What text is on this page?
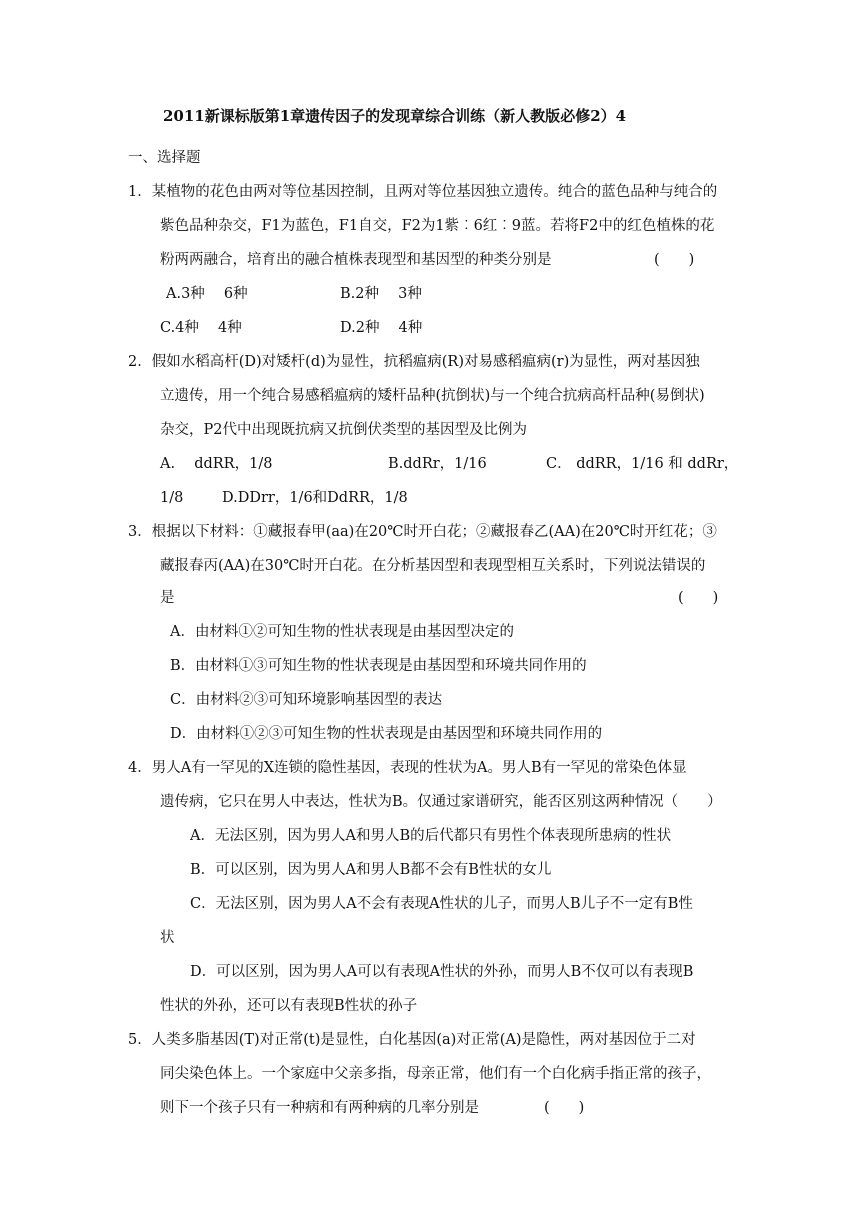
2011新课标版第1章遗传因子的发现章综合训练（新人教版必修2）4
一、选择题
1．某植物的花色由两对等位基因控制，且两对等位基因独立遗传。纯合的蓝色品种与纯合的
紫色品种杂交，F1为蓝色，F1自交，F2为1紫︰6红︰9蓝。若将F2中的红色植株的花
粉两两融合，培育出的融合植株表现型和基因型的种类分别是	(　　)
A.3种　 6种	B.2种　 3种
C.4种　 4种	D.2种　 4种
2．假如水稻高杆(D)对矮杆(d)为显性，抗稻瘟病(R)对易感稻瘟病(r)为显性，两对基因独
立遗传，用一个纯合易感稻瘟病的矮杆品种(抗倒状)与一个纯合抗病高杆品种(易倒状)
杂交，P2代中出现既抗病又抗倒伏类型的基因型及比例为
A.　 ddRR，1/8	B.ddRr，1/16	C． ddRR，1/16 和 ddRr，
1/8	D.DDrr，1/6和DdRR，1/8
3．根据以下材料：①藏报春甲(aa)在20℃时开白花；②藏报春乙(AA)在20℃时开红花；③
藏报春丙(AA)在30℃时开白花。在分析基因型和表现型相互关系时，下列说法错误的
是	(　　)
A．由材料①②可知生物的性状表现是由基因型决定的
B．由材料①③可知生物的性状表现是由基因型和环境共同作用的
C．由材料②③可知环境影响基因型的表达
D．由材料①②③可知生物的性状表现是由基因型和环境共同作用的
4．男人A有一罕见的X连锁的隐性基因，表现的性状为A。男人B有一罕见的常染色体显
遗传病，它只在男人中表达，性状为B。仅通过家谱研究，能否区别这两种情况（　　）
A．无法区别，因为男人A和男人B的后代都只有男性个体表现所患病的性状
B．可以区别，因为男人A和男人B都不会有B性状的女儿
C．无法区别，因为男人A不会有表现A性状的儿子，而男人B儿子不一定有B性
状
D．可以区别，因为男人A可以有表现A性状的外孙，而男人B不仅可以有表现B
性状的外孙，还可以有表现B性状的孙子
5．人类多脂基因(T)对正常(t)是显性，白化基因(a)对正常(A)是隐性，两对基因位于二对
同尖染色体上。一个家庭中父亲多指，母亲正常，他们有一个白化病手指正常的孩子，
则下一个孩子只有一种病和有两种病的几率分别是	(　　)
